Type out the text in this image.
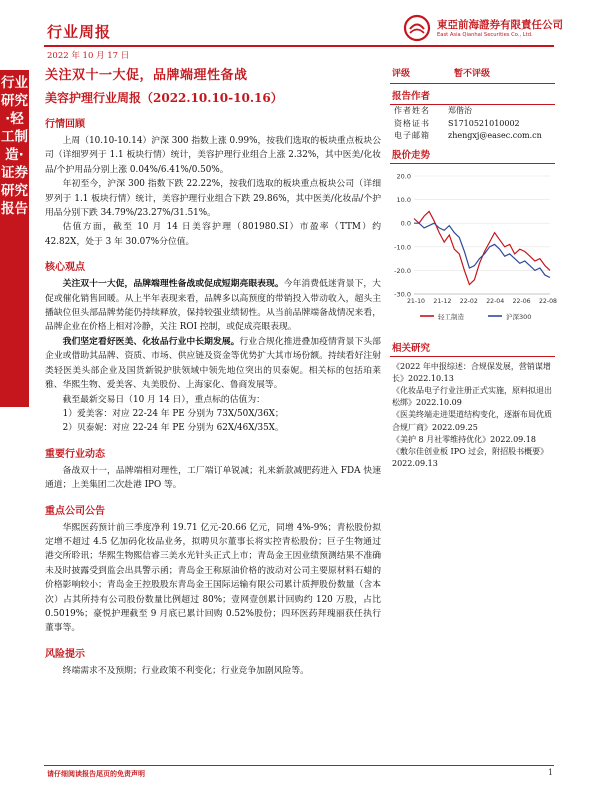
行业周报
2022 年 10 月 17 日
東亞前海證券有限責任公司
East Asia Qianhai Securities Co., Ltd.
行业研究·轻工制造·证券研究报告
关注双十一大促，品牌端理性备战
美容护理行业周报（2022.10.10-10.16）
行情回顾
上周（10.10-10.14）沪深 300 指数上涨 0.99%，按我们选取的板块重点板块公司（详细罗列于 1.1 板块行情）统计，美容护理行业组合上涨 2.32%，其中医美/化妆品/个护用品分别上涨 0.04%/6.41%/0.50%。
年初至今，沪深 300 指数下跌 22.22%，按我们选取的板块重点板块公司（详细罗列于 1.1 板块行情）统计，美容护理行业组合下跌 29.86%，其中医美/化妆品/个护用品分别下跌 34.79%/23.27%/31.51%。
估值方面，截至 10 月 14 日美容护理（801980.SI）市盈率（TTM）约 42.82X，处于 3 年 30.07%分位值。
核心观点
关注双十一大促，品牌端理性备战或促成短期亮眼表现。今年消费低迷背景下，大促或催化销售回暖。从上半年表现来看，品牌多以高预度的带销投入带动收入，超头主播缺位但头部品牌势能仍持续释放，保持较强业绩韧性。从当前品牌端备战情况来看，品牌企业在价格上相对冷静，关注 ROI 控制，或促成亮眼表现。
我们坚定看好医美、化妆品行业中长期发展。行业合规化推进叠加疫情背景下头部企业或借助其品牌、资质、市场、供应链及资金等优势扩大其市场份额。持续看好注射类轻医美头部企业及国货新锐护肤领域中领先地位突出的贝泰妮。相关标的包括珀莱雅、华熙生物、爱美客、丸美股份、上海家化、鲁商发展等。
截至最新交易日（10 月 14 日），重点标的估值为：
1）爱美客：对应 22-24 年 PE 分别为 73X/50X/36X；
2）贝泰妮：对应 22-24 年 PE 分别为 62X/46X/35X。
重要行业动态
备战双十一，品牌端相对理性，工厂端订单锐减；礼来新款减肥药进入 FDA 快速通道；上美集团二次赴港 IPO 等。
重点公司公告
华熙医药预计前三季度净利 19.71 亿元-20.66 亿元，同增 4%-9%；青松股份拟定增不超过 4.5 亿加码化妆品业务，拟聘贝尔董事长将实控青松股份；巨子生物通过港交所聆讯；华熙生物熙信睿三美水光针头正式上市；青岛金王因业绩预测结果不准确未及时披露受到监会出具警示函；青岛金王称原油价格的波动对公司主要原材料石蜡的价格影响较小；青岛金王控股股东青岛金王国际运输有限公司累计质押股份数量（含本次）占其所持有公司股份数量比例超过 80%；壹网壹创累计回购约 120 万股，占比 0.5019%；豪悦护理截至 9 月底已累计回购 0.52%股份；四环医药拜瑰丽获任执行董事等。
风险提示
终端需求不及预期；行业政策不利变化；行业竞争加剧风险等。
评级	暂不评级
报告作者
作者姓名	郑偕治
资格证书	S1710521010002
电子邮箱	zhengxj@easec.com.cn
股价走势
20.0
10.0
0.0
-10.0
-20.0
-30.0
21-10 21-12 22-02 22-04 22-06 22-08
轻工制造	沪深300
相关研究
《2022 年中报综述：合规保发展，营销谋增长》2022.10.13
《化妆品电子行业注册正式实施，原料拟退出松绑》2022.10.09
《医美终端走进渠道结构变化，逐渐布局优质合规厂商》2022.09.25
《美护 8 月社零维持优化》2022.09.18
《敷尔佳创业板 IPO 过会，附招股书概要》2022.09.13
请仔细阅读报告尾页的免责声明	1
